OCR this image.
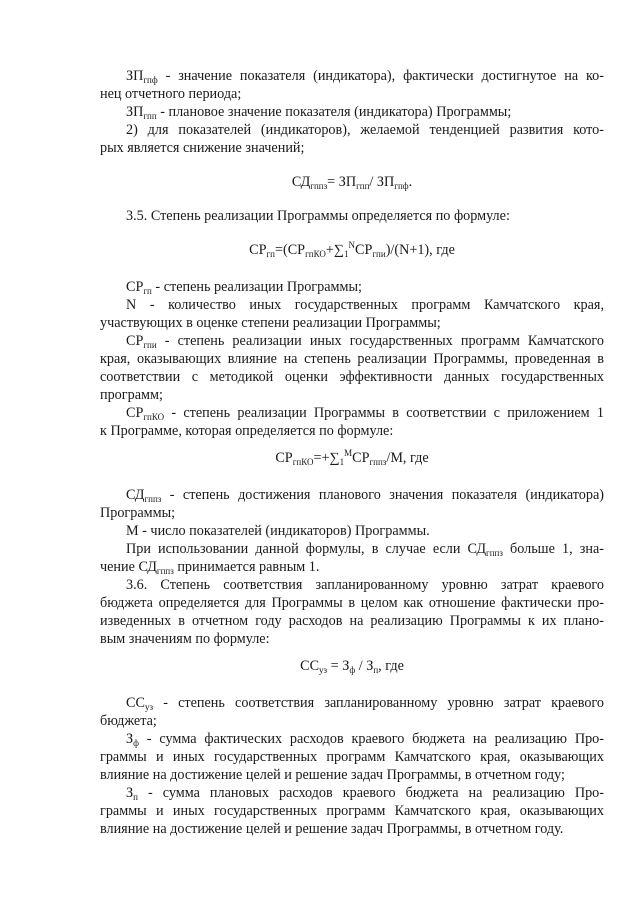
$ЗП_{гпф}$ - значение показателя (индикатора), фактически достигнутое на ко-
нец отчетного периода;
$ЗП_{гпп}$ - плановое значение показателя (индикатора) Программы;
2) для показателей (индикаторов), желаемой тенденцией развития кото-
рых является снижение значений;
$СД_{гппз}= ЗП_{гпп}/$ $ЗП_{гпф}$.
3.5. Степень реализации Программы определяется по формуле:
$СР_{гп}=(СР_{гпКО}+\sum_1^NСР_{гпи})/(N+1)$, где
$СР_{гп}$ - степень реализации Программы;
N - количество иных государственных программ Камчатского края,
участвующих в оценке степени реализации Программы;
$СР_{гпи}$ - степень реализации иных государственных программ Камчатского
края, оказывающих влияние на степень реализации Программы, проведенная в
соответствии с методикой оценки эффективности данных государственных
программ;
$СР_{гпКО}$ - степень реализации Программы в соответствии с приложением 1
к Программе, которая определяется по формуле:
$СР_{гпКО}=+\sum_1^MСР_{гппз}/M$, где
$СД_{гппз}$ - степень достижения планового значения показателя (индикатора)
Программы;
M - число показателей (индикаторов) Программы.
При использовании данной формулы, в случае если $СД_{гппз}$ больше 1, зна-
чение $СД_{гппз}$ принимается равным 1.
3.6. Степень соответствия запланированному уровню затрат краевого
бюджета определяется для Программы в целом как отношение фактически про-
изведенных в отчетном году расходов на реализацию Программы к их плано-
вым значениям по формуле:
$СС_{уз} = З_ф / З_п$, где
$СС_{уз}$ - степень соответствия запланированному уровню затрат краевого
бюджета;
$З_ф$ - сумма фактических расходов краевого бюджета на реализацию Про-
граммы и иных государственных программ Камчатского края, оказывающих
влияние на достижение целей и решение задач Программы, в отчетном году;
$З_п$ - сумма плановых расходов краевого бюджета на реализацию Про-
граммы и иных государственных программ Камчатского края, оказывающих
влияние на достижение целей и решение задач Программы, в отчетном году.
